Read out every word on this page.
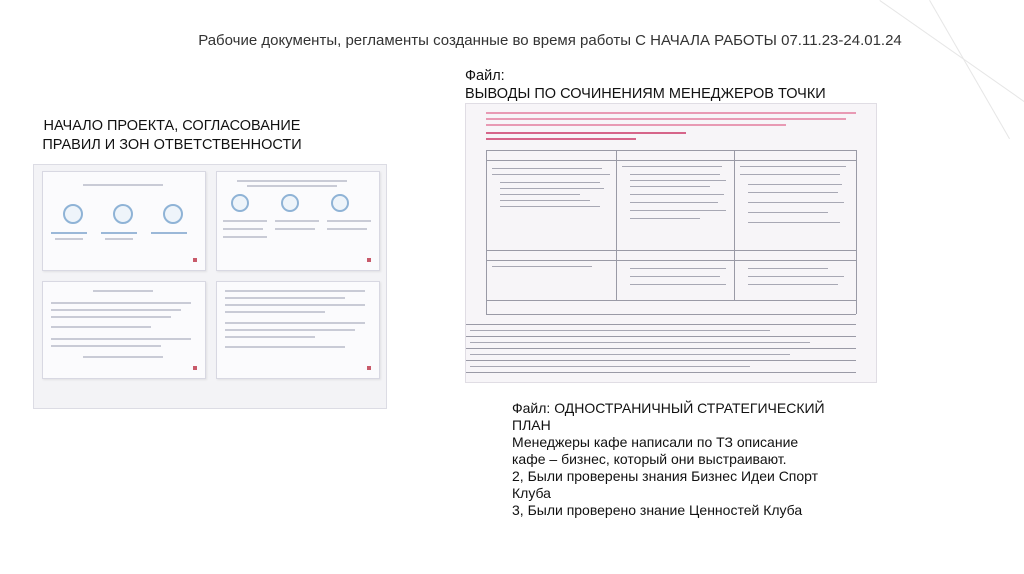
Рабочие документы, регламенты созданные во время работы С НАЧАЛА РАБОТЫ 07.11.23-24.01.24
НАЧАЛО ПРОЕКТА, СОГЛАСОВАНИЕ
ПРАВИЛ И ЗОН ОТВЕТСТВЕННОСТИ
Файл:
ВЫВОДЫ ПО СОЧИНЕНИЯМ МЕНЕДЖЕРОВ ТОЧКИ
Файл: ОДНОСТРАНИЧНЫЙ СТРАТЕГИЧЕСКИЙ
ПЛАН
Менеджеры кафе написали по ТЗ описание
кафе – бизнес, который они выстраивают.
2, Были проверены знания Бизнес Идеи Спорт
Клуба
3, Были проверено знание Ценностей Клуба
